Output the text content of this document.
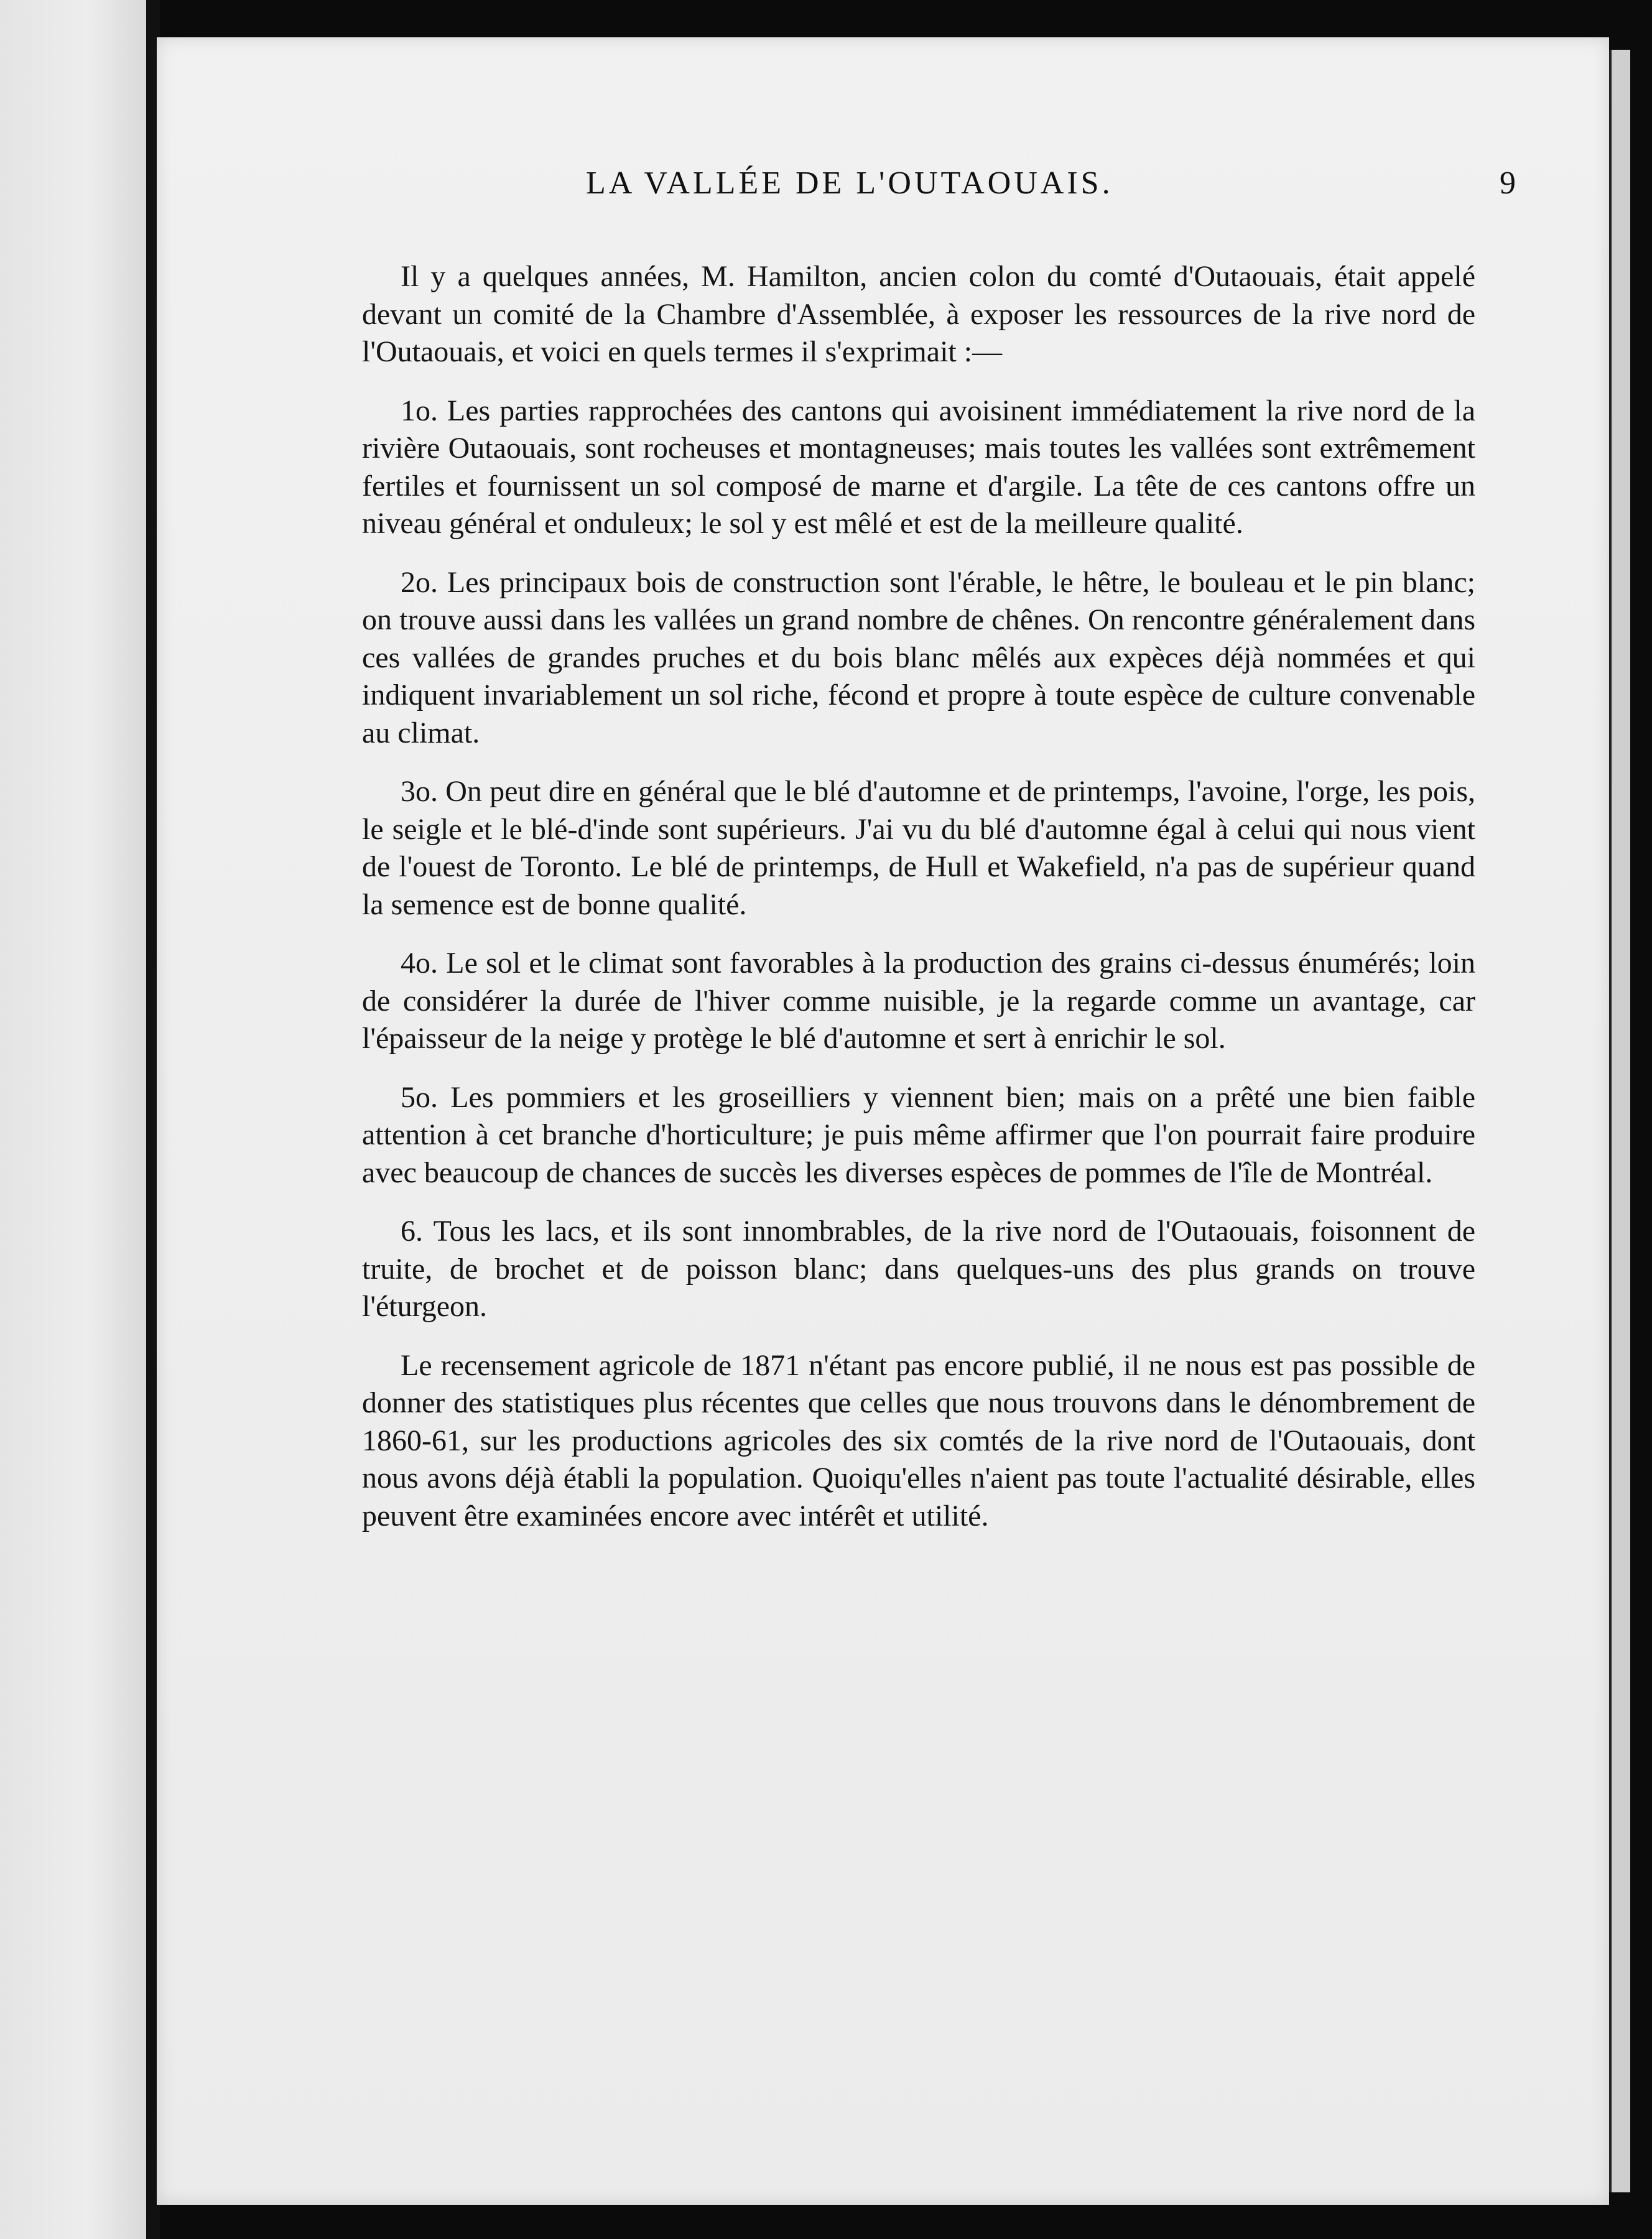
LA VALLÉE DE L'OUTAOUAIS.	9

Il y a quelques années, M. Hamilton, ancien colon du comté d'Outaouais, était appelé devant un comité de la Chambre d'Assemblée, à exposer les ressources de la rive nord de l'Outaouais, et voici en quels termes il s'exprimait :—

1o. Les parties rapprochées des cantons qui avoisinent immédiatement la rive nord de la rivière Outaouais, sont rocheuses et montagneuses; mais toutes les vallées sont extrêmement fertiles et fournissent un sol composé de marne et d'argile. La tête de ces cantons offre un niveau général et onduleux; le sol y est mêlé et est de la meilleure qualité.

2o. Les principaux bois de construction sont l'érable, le hêtre, le bouleau et le pin blanc; on trouve aussi dans les vallées un grand nombre de chênes. On rencontre généralement dans ces vallées de grandes pruches et du bois blanc mêlés aux expèces déjà nommées et qui indiquent invariablement un sol riche, fécond et propre à toute espèce de culture convenable au climat.

3o. On peut dire en général que le blé d'automne et de printemps, l'avoine, l'orge, les pois, le seigle et le blé-d'inde sont supérieurs. J'ai vu du blé d'automne égal à celui qui nous vient de l'ouest de Toronto. Le blé de printemps, de Hull et Wakefield, n'a pas de supérieur quand la semence est de bonne qualité.

4o. Le sol et le climat sont favorables à la production des grains ci-dessus énumérés; loin de considérer la durée de l'hiver comme nuisible, je la regarde comme un avantage, car l'épaisseur de la neige y protège le blé d'automne et sert à enrichir le sol.

5o. Les pommiers et les groseilliers y viennent bien; mais on a prêté une bien faible attention à cet branche d'horticulture; je puis même affirmer que l'on pourrait faire produire avec beaucoup de chances de succès les diverses espèces de pommes de l'île de Montréal.

6. Tous les lacs, et ils sont innombrables, de la rive nord de l'Outaouais, foisonnent de truite, de brochet et de poisson blanc; dans quelques-uns des plus grands on trouve l'éturgeon.

Le recensement agricole de 1871 n'étant pas encore publié, il ne nous est pas possible de donner des statistiques plus récentes que celles que nous trouvons dans le dénombrement de 1860-61, sur les productions agricoles des six comtés de la rive nord de l'Outaouais, dont nous avons déjà établi la population. Quoiqu'elles n'aient pas toute l'actualité désirable, elles peuvent être examinées encore avec intérêt et utilité.
